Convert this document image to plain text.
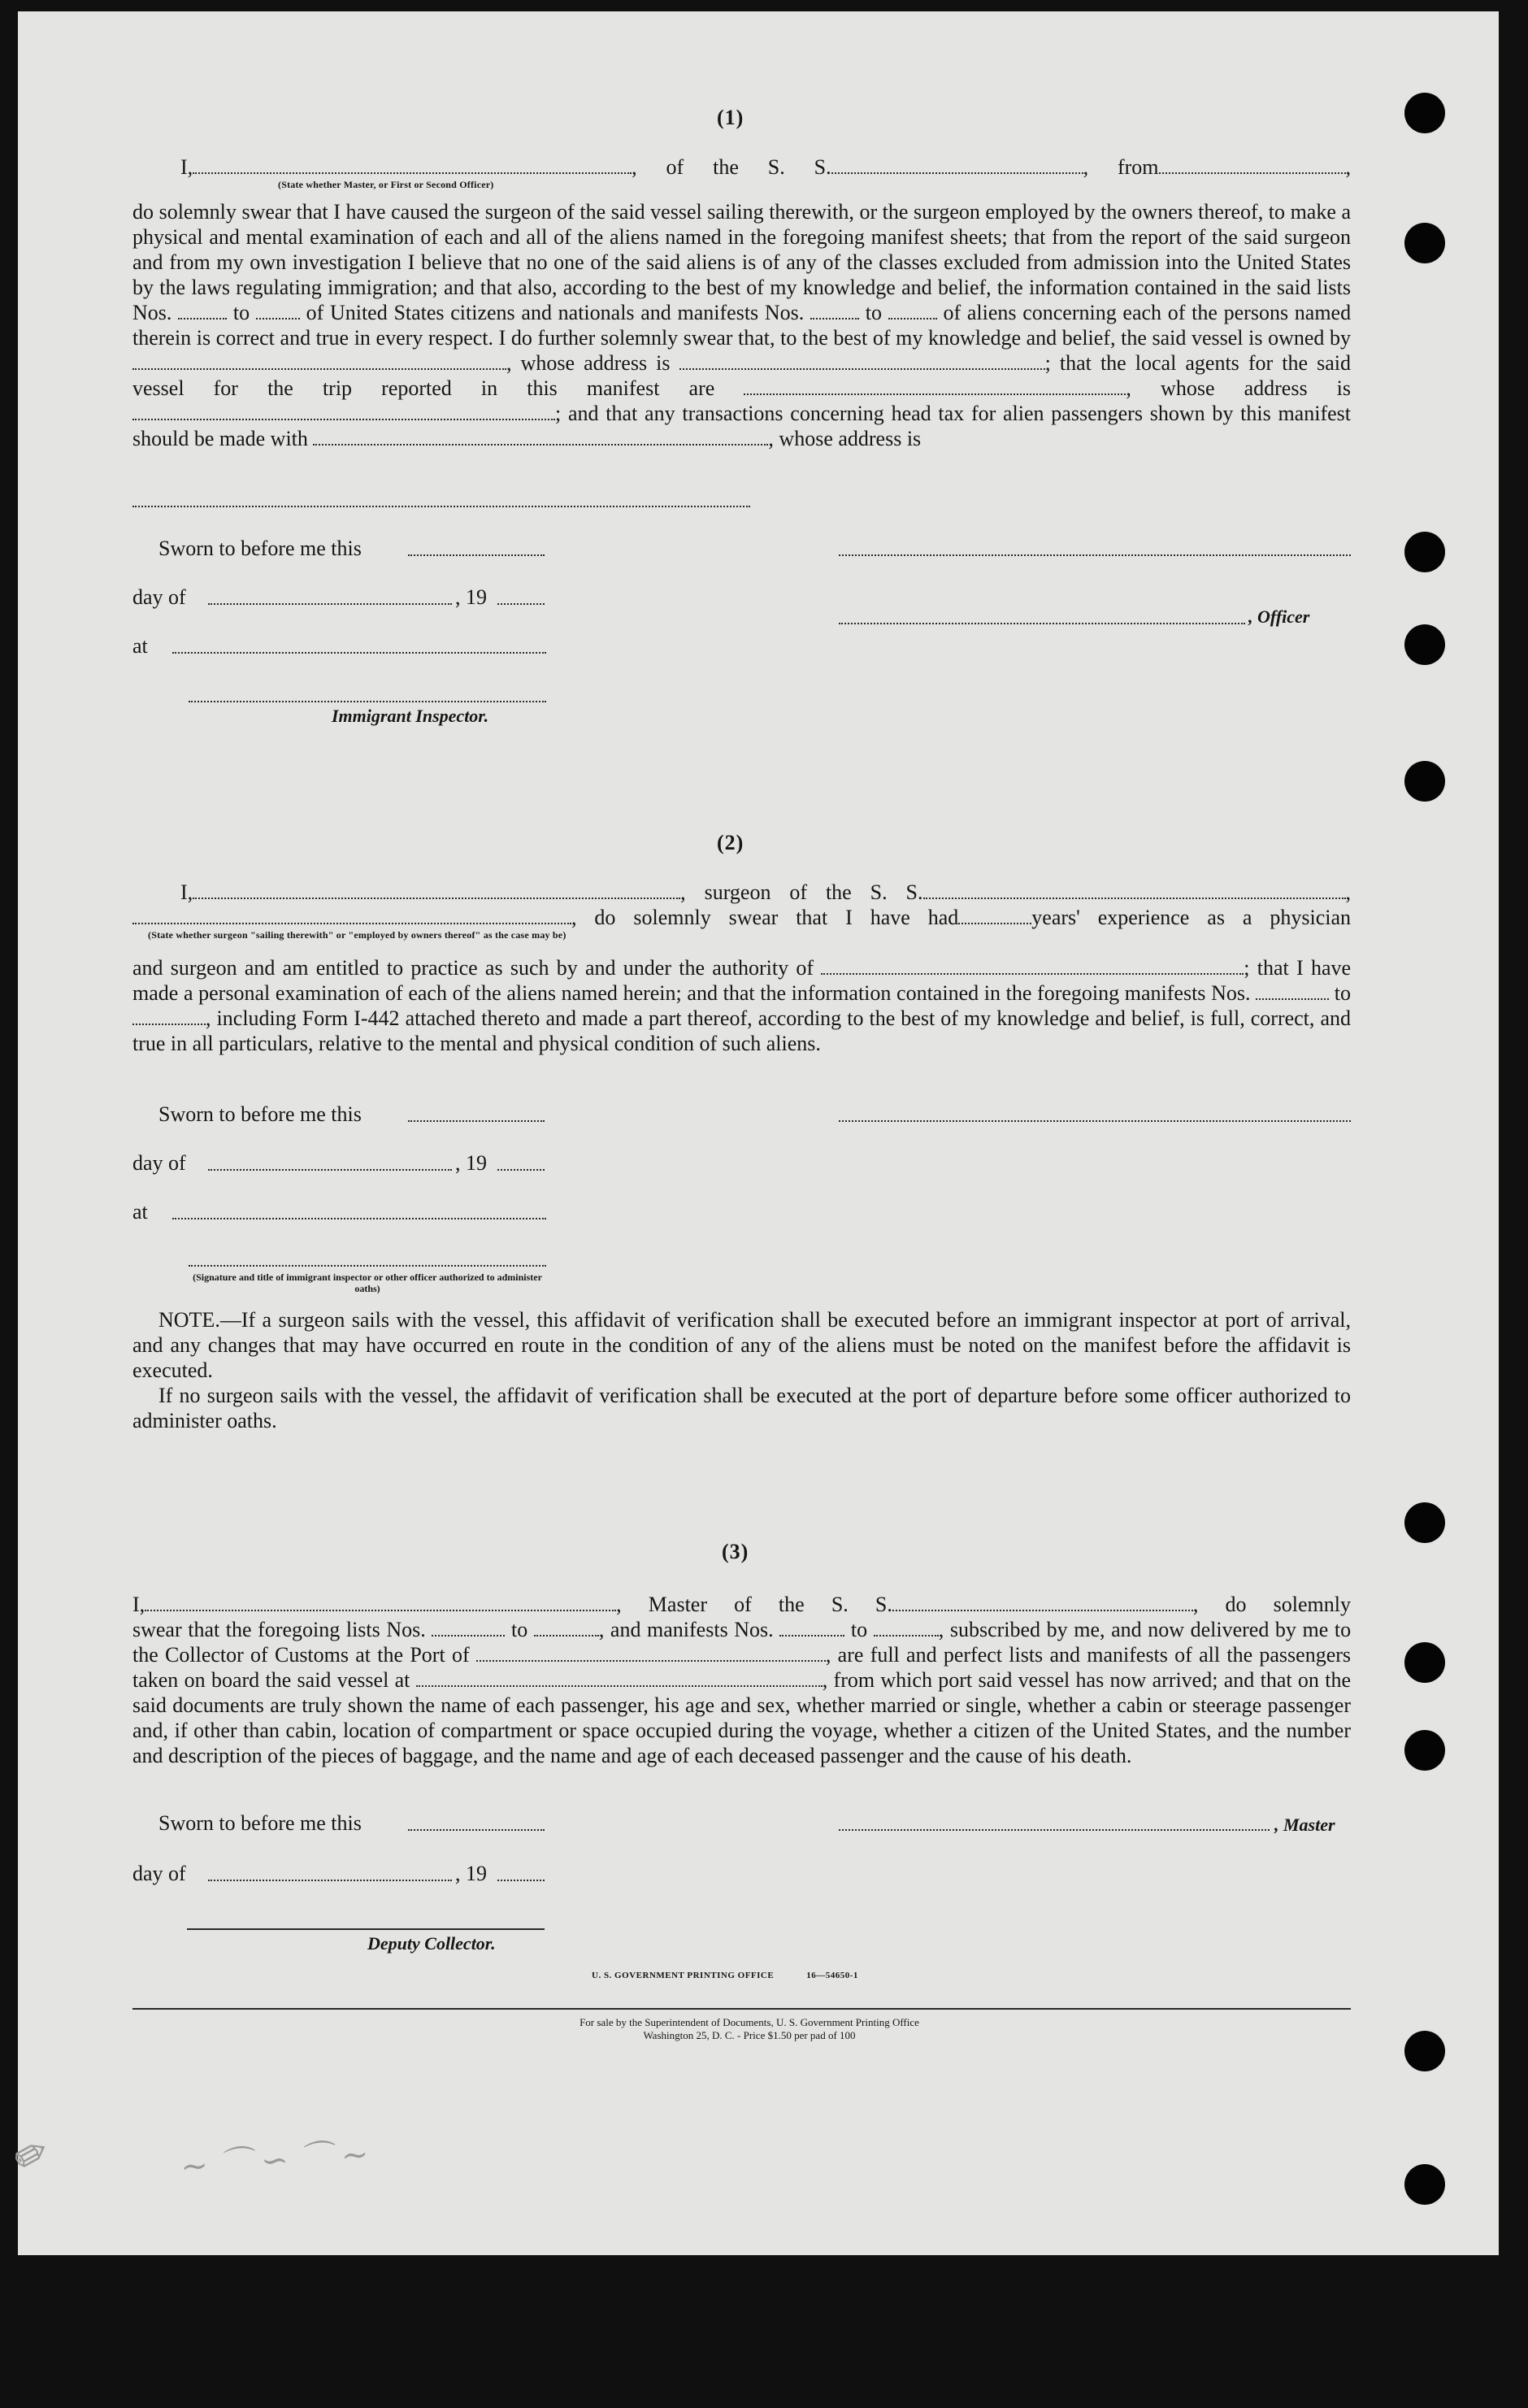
(1)
I,	, of the S. S.	, from	,
(State whether Master, or First or Second Officer)
do solemnly swear that I have caused the surgeon of the said vessel sailing therewith, or the surgeon employed by the owners thereof, to make a physical and mental examination of each and all of the aliens named in the foregoing manifest sheets; that from the report of the said surgeon and from my own investigation I believe that no one of the said aliens is of any of the classes excluded from admission into the United States by the laws regulating immigration; and that also, according to the best of my knowledge and belief, the information contained in the said lists Nos.	to	of United States citizens and nationals and manifests Nos.	to	of aliens concerning each of the persons named therein is correct and true in every respect. I do further solemnly swear that, to the best of my knowledge and belief, the said vessel is owned by , whose address is	; that the local agents for the said vessel for the trip reported in this manifest are	, whose address is ; and that any transactions concerning head tax for alien passengers shown by this manifest should be made with	, whose address is
Sworn to before me this
day of	, 19
, Officer
at
Immigrant Inspector.
(2)
I,	, surgeon of the S. S.	,
, do solemnly swear that I have had	years' experience as a physician
(State whether surgeon "sailing therewith" or "employed by owners thereof" as the case may be)
and surgeon and am entitled to practice as such by and under the authority of	; that I have made a personal examination of each of the aliens named herein; and that the information contained in the foregoing manifests Nos.	to , including Form I-442 attached thereto and made a part thereof, according to the best of my knowledge and belief, is full, correct, and true in all particulars, relative to the mental and physical condition of such aliens.
Sworn to before me this
day of	, 19
at
(Signature and title of immigrant inspector or other officer authorized to administer oaths)
NOTE.—If a surgeon sails with the vessel, this affidavit of verification shall be executed before an immigrant inspector at port of arrival, and any changes that may have occurred en route in the condition of any of the aliens must be noted on the manifest before the affidavit is executed.
If no surgeon sails with the vessel, the affidavit of verification shall be executed at the port of departure before some officer authorized to administer oaths.
(3)
I,	, Master of the S. S.	, do solemnly
swear that the foregoing lists Nos.	to	, and manifests Nos.	to	, subscribed by me, and now delivered by me to the Collector of Customs at the Port of	, are full and perfect lists and manifests of all the passengers taken on board the said vessel at	, from which port said vessel has now arrived; and that on the said documents are truly shown the name of each passenger, his age and sex, whether married or single, whether a cabin or steerage passenger and, if other than cabin, location of compartment or space occupied during the voyage, whether a citizen of the United States, and the number and description of the pieces of baggage, and the name and age of each deceased passenger and the cause of his death.
Sworn to before me this	, Master
day of	, 19
Deputy Collector.
U. S. GOVERNMENT PRINTING OFFICE	16—54650-1
For sale by the Superintendent of Documents, U. S. Government Printing Office
Washington 25, D. C. - Price $1.50 per pad of 100
✎	~ ⌒ ∽ ⌒ ~
